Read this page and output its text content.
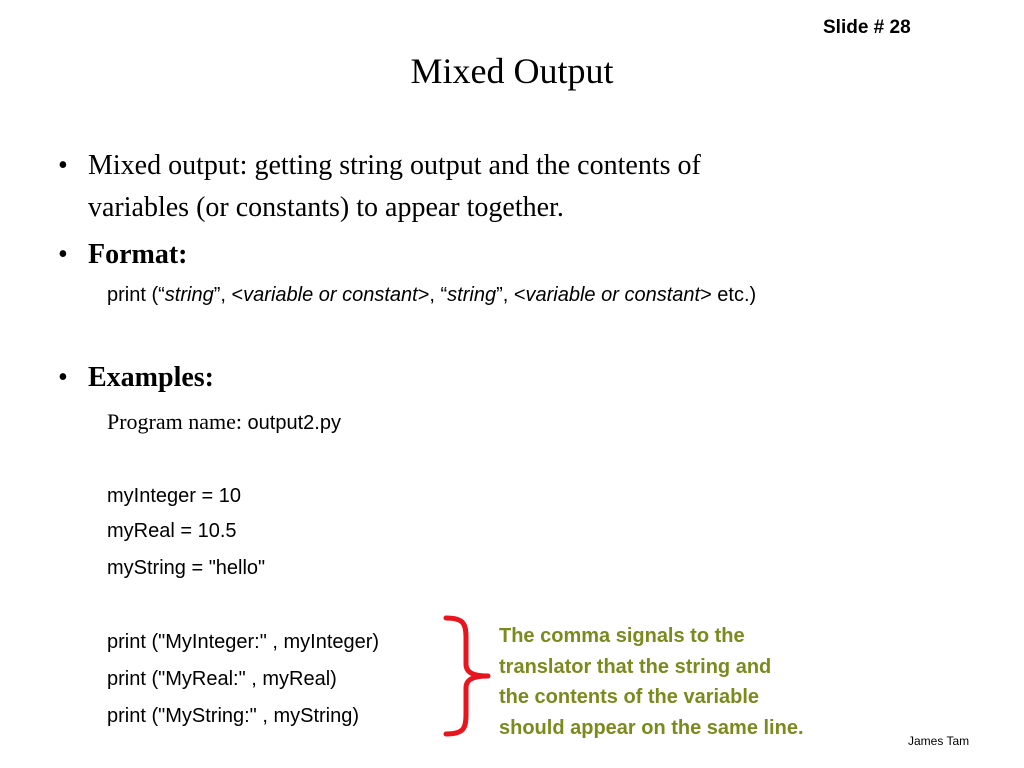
Slide # 28
Mixed Output
• Mixed output: getting string output and the contents of
variables (or constants) to appear together.
• Format:
print (“string”, <variable or constant>, “string”, <variable or constant> etc.)
• Examples:
Program name: output2.py
myInteger = 10
myReal = 10.5
myString = "hello"
print ("MyInteger:" , myInteger)
print ("MyReal:" , myReal)
print ("MyString:" , myString)
The comma signals to the
translator that the string and
the contents of the variable
should appear on the same line.
James Tam
